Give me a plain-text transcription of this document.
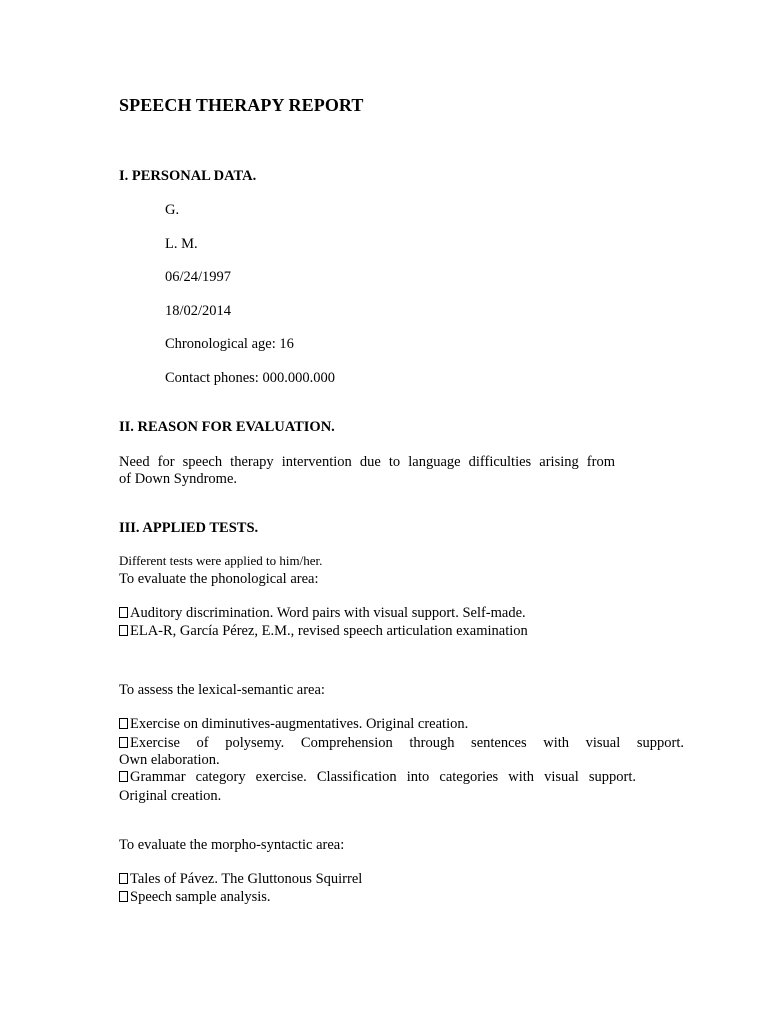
SPEECH THERAPY REPORT

I. PERSONAL DATA.

G.

L. M.

06/24/1997

18/02/2014

Chronological age: 16

Contact phones: 000.000.000

II. REASON FOR EVALUATION.

Need for speech therapy intervention due to language difficulties arising from

of Down Syndrome.

III. APPLIED TESTS.

Different tests were applied to him/her.

To evaluate the phonological area:

Auditory discrimination. Word pairs with visual support. Self-made.

ELA-R, García Pérez, E.M., revised speech articulation examination

To assess the lexical-semantic area:

Exercise on diminutives-augmentatives. Original creation.

Exercise of polysemy. Comprehension through sentences with visual support.

Own elaboration.

Grammar category exercise. Classification into categories with visual support.

Original creation.

To evaluate the morpho-syntactic area:

Tales of Pávez. The Gluttonous Squirrel

Speech sample analysis.
